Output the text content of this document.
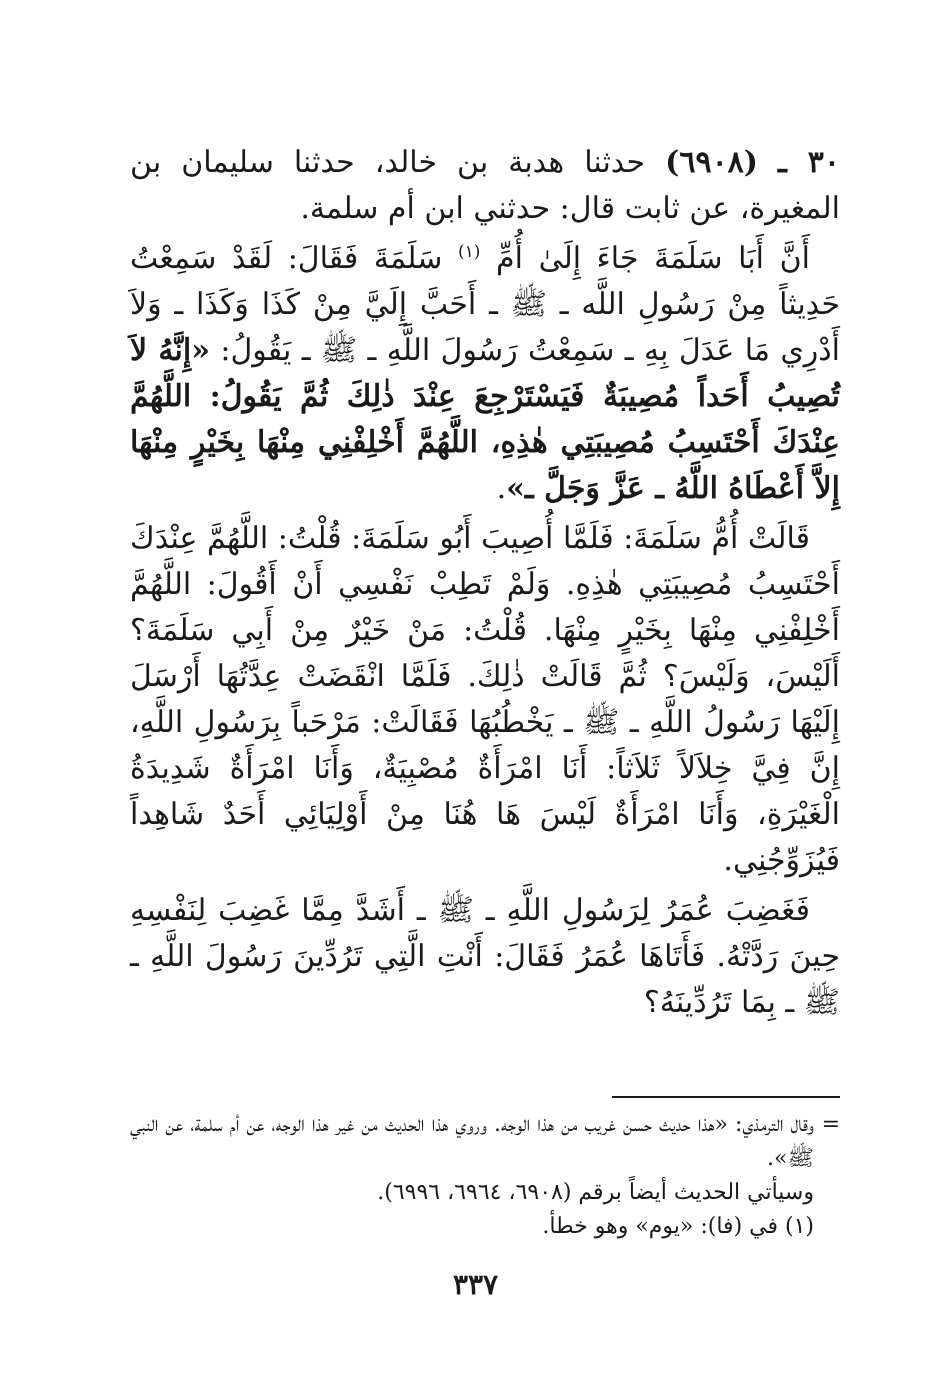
٣٠ ـ (٦٩٠٨) حدثنا هدبة بن خالد، حدثنا سليمان بن المغيرة، عن ثابت قال: حدثني ابن أم سلمة.

أَنَّ أَبَا سَلَمَةَ جَاءَ إِلَىٰ أُمِّ $^{(١)}$ سَلَمَةَ فَقَالَ: لَقَدْ سَمِعْتُ حَدِيثاً مِنْ رَسُولِ اللَّه ـ ﷺ ـ أَحَبَّ إِلَيَّ مِنْ كَذَا وَكَذَا ـ وَلاَ أَدْرِي مَا عَدَلَ بِهِ ـ سَمِعْتُ رَسُولَ اللَّهِ ـ ﷺ ـ يَقُولُ: «إِنَّهُ لاَ تُصِيبُ أَحَداً مُصِيبَةٌ فَيَسْتَرْجِعَ عِنْدَ ذٰلِكَ ثُمَّ يَقُولُ: اللَّهُمَّ عِنْدَكَ أَحْتَسِبُ مُصِيبَتِي هٰذِهِ، اللَّهُمَّ أَخْلِفْنِي مِنْهَا بِخَيْرٍ مِنْهَا إِلاَّ أَعْطَاهُ اللَّهُ ـ عَزَّ وَجَلَّ ـ».

قَالَتْ أُمُّ سَلَمَةَ: فَلَمَّا أُصِيبَ أَبُو سَلَمَةَ: قُلْتُ: اللَّهُمَّ عِنْدَكَ أَحْتَسِبُ مُصِيبَتِي هٰذِهِ. وَلَمْ تَطِبْ نَفْسِي أَنْ أَقُولَ: اللَّهُمَّ أَخْلِفْنِي مِنْهَا بِخَيْرٍ مِنْهَا. قُلْتُ: مَنْ خَيْرٌ مِنْ أَبِي سَلَمَةَ؟ أَلَيْسَ، وَلَيْسَ؟ ثُمَّ قَالَتْ ذٰلِكَ. فَلَمَّا انْقَضَتْ عِدَّتُهَا أَرْسَلَ إِلَيْهَا رَسُولُ اللَّهِ ـ ﷺ ـ يَخْطُبُهَا فَقَالَتْ: مَرْحَباً بِرَسُولِ اللَّهِ، إِنَّ فِيَّ خِلاَلاً ثَلاَثاً: أَنَا امْرَأَةٌ مُصْبِيَةٌ، وَأَنَا امْرَأَةٌ شَدِيدَةُ الْغَيْرَةِ، وَأَنَا امْرَأَةٌ لَيْسَ هَا هُنَا مِنْ أَوْلِيَائِي أَحَدٌ شَاهِداً فَيُزَوِّجُنِي.

فَغَضِبَ عُمَرُ لِرَسُولِ اللَّهِ ـ ﷺ ـ أَشَدَّ مِمَّا غَضِبَ لِنَفْسِهِ حِينَ رَدَّتْهُ. فَأَتَاهَا عُمَرُ فَقَالَ: أَنْتِ الَّتِي تَرُدِّينَ رَسُولَ اللَّهِ ـ ﷺ ـ بِمَا تَرُدِّينَهُ؟

=
وقال الترمذي: «هذا حديث حسن غريب من هذا الوجه. وروي هذا الحديث من غير هذا الوجه، عن أم سلمة، عن النبي ﷺ».

وسيأتي الحديث أيضاً برقم (٦٩٠٨، ٦٩٦٤، ٦٩٩٦).

(١) في (فا): «يوم» وهو خطأ.

٣٣٧
